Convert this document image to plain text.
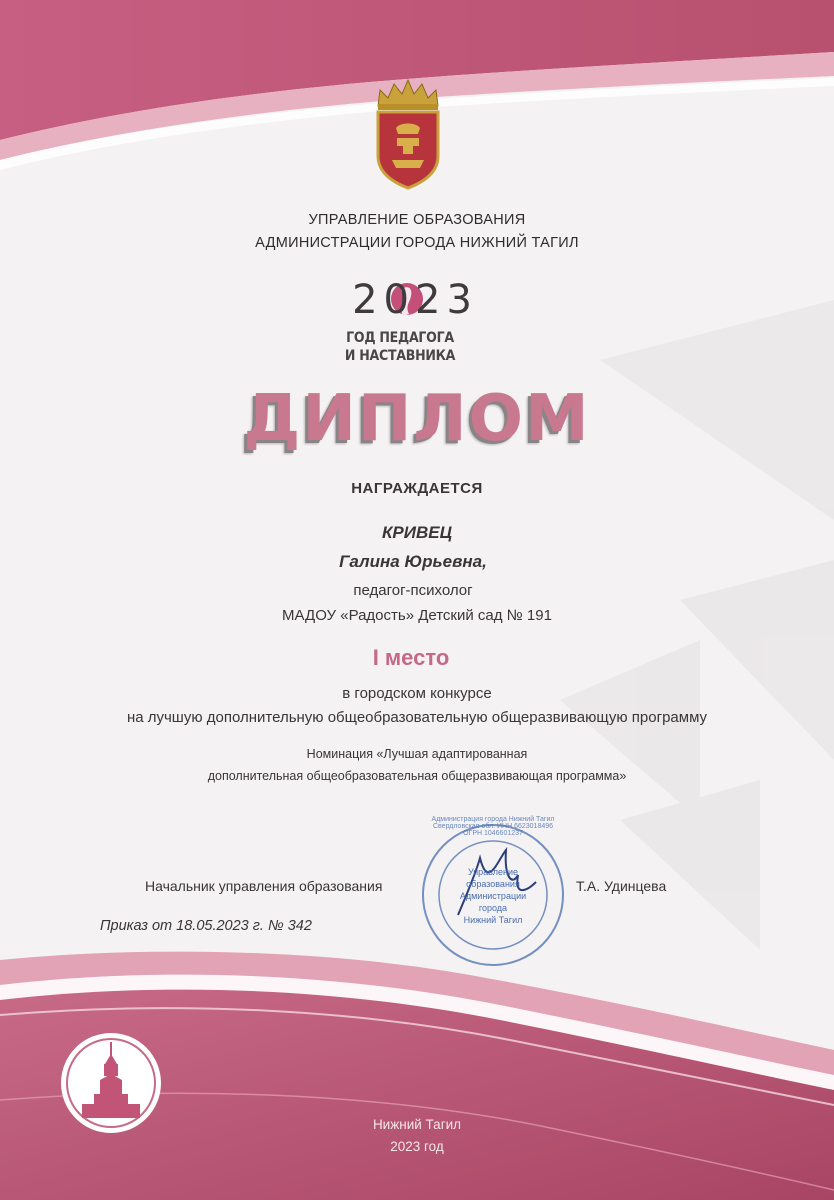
УПРАВЛЕНИЕ ОБРАЗОВАНИЯ
АДМИНИСТРАЦИИ ГОРОДА НИЖНИЙ ТАГИЛ
2023
ГОД ПЕДАГОГА
И НАСТАВНИКА
ДИПЛОМ
НАГРАЖДАЕТСЯ
КРИВЕЦ
Галина Юрьевна,
педагог-психолог
МАДОУ «Радость» Детский сад № 191
I место
в городском конкурсе
на лучшую дополнительную общеобразовательную общеразвивающую программу
Номинация «Лучшая адаптированная
дополнительная общеобразовательная общеразвивающая программа»
Администрация города Нижний Тагил Свердловская обл. ИНН 6623018496 ОГРН 1046601237
Управление
образования
Администрации
города
Нижний Тагил
Начальник управления образования	Т.А. Удинцева
Приказ от 18.05.2023 г. № 342
Нижний Тагил
2023 год
